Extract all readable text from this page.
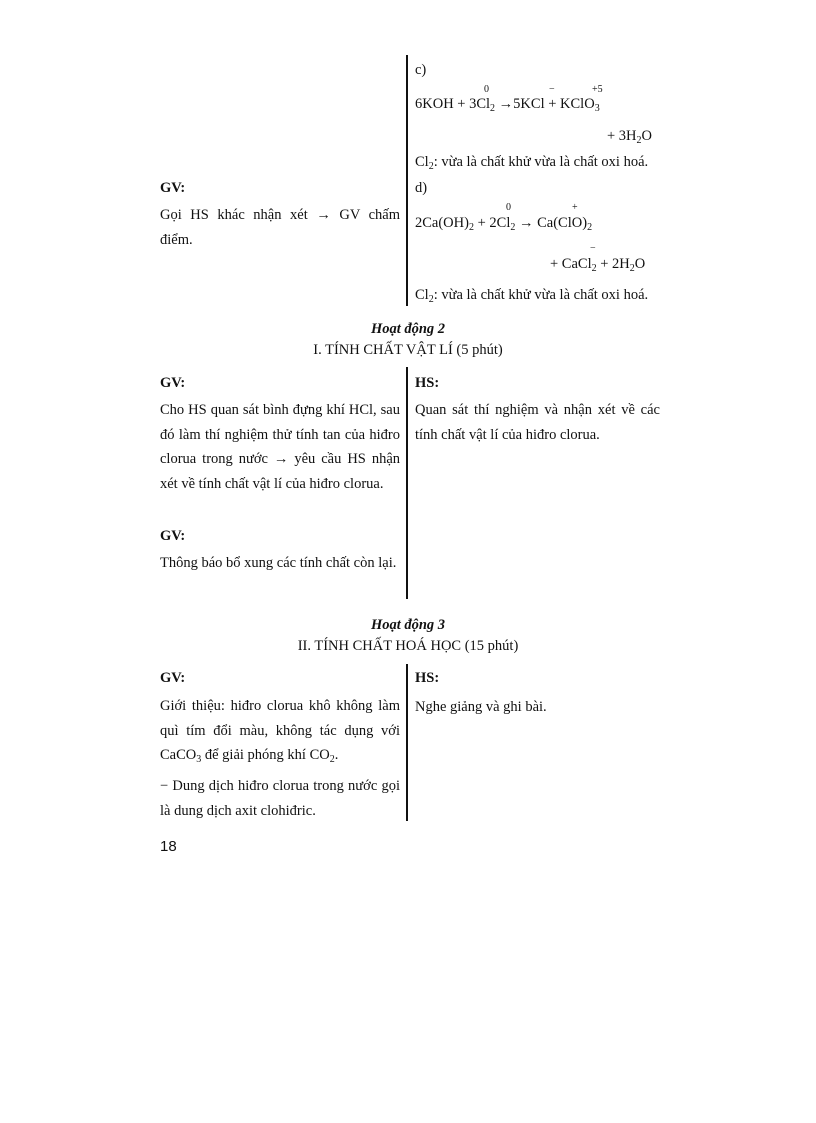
c)
$6KOH + 3Cl_2 \to 5KCl$ + KClO$_3$
0	−	+5
+ $3H_2O$
$Cl_2$: vừa là chất khử vừa là chất oxi hoá.
GV:
Gọi HS khác nhận xét → GV chấm điểm.
d)
$2Ca(OH)_2 + 2Cl_2 \to Ca(ClO)_2$
0	+
+ CaCl$_2$ + $2H_2O$
−
$Cl_2$: vừa là chất khử vừa là chất oxi hoá.
Hoạt động 2
I. TÍNH CHẤT VẬT LÍ (5 phút)
GV:
Cho HS quan sát bình đựng khí HCl, sau đó làm thí nghiệm thử tính tan của hiđro clorua trong nước → yêu cầu HS nhận xét về tính chất vật lí của hiđro clorua.
GV:
Thông báo bổ xung các tính chất còn lại.
HS:
Quan sát thí nghiệm và nhận xét về các tính chất vật lí của hiđro clorua.
Hoạt động 3
II. TÍNH CHẤT HOÁ HỌC (15 phút)
GV:
Giới thiệu: hiđro clorua khô không làm quì tím đổi màu, không tác dụng với CaCO$_3$ để giải phóng khí $CO_2$.
− Dung dịch hiđro clorua trong nước gọi là dung dịch axit clohiđric.
HS:
Nghe giảng và ghi bài.
18
